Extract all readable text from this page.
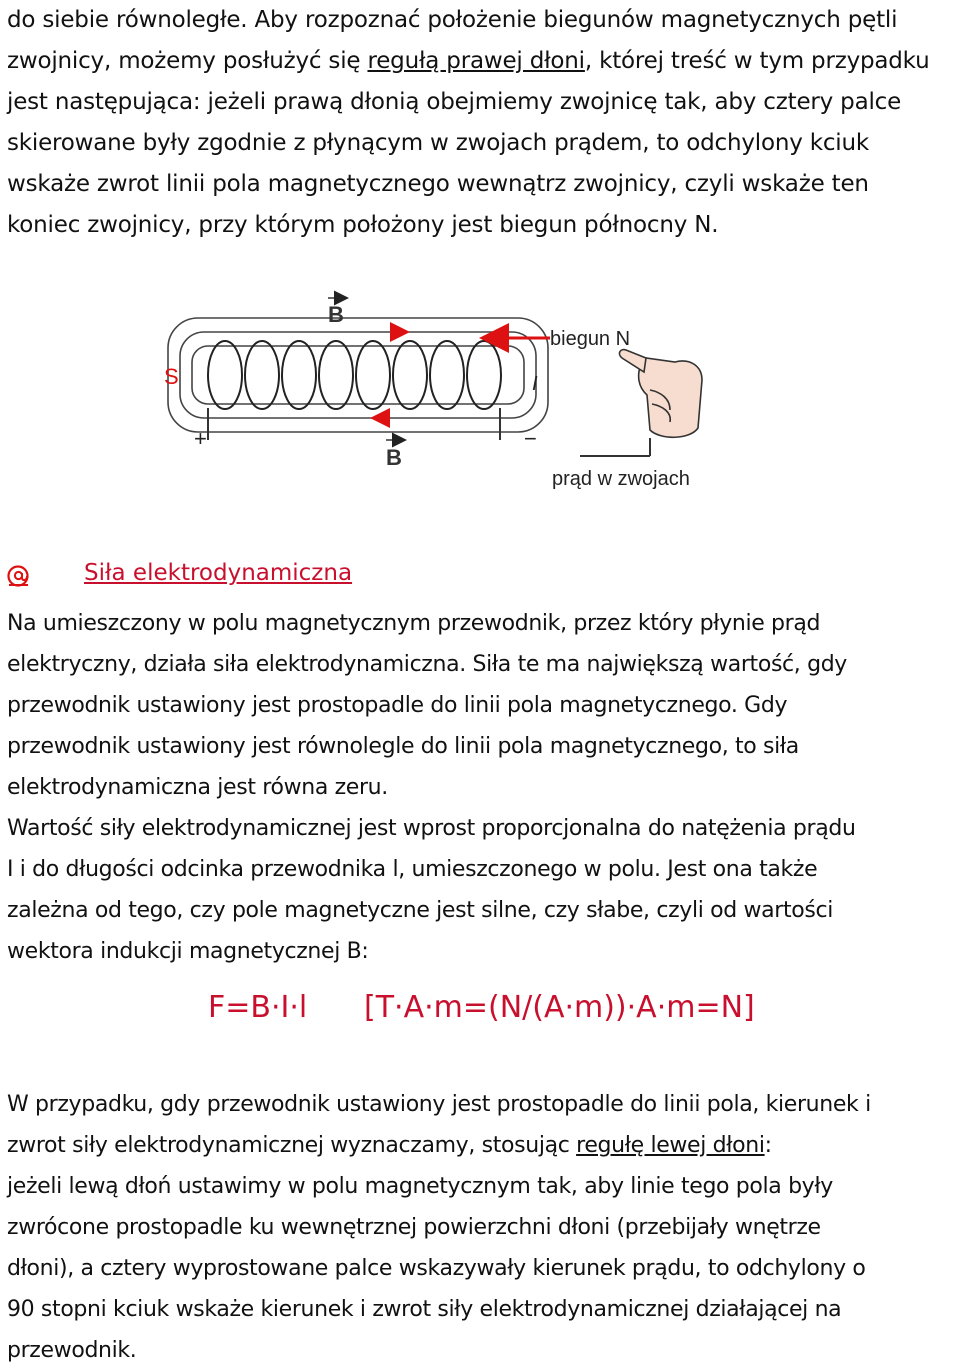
do siebie równoległe. Aby rozpoznać położenie biegunów magnetycznych pętli
zwojnicy, możemy posłużyć się regułą prawej dłoni, której treść w tym przypadku
jest następująca: jeżeli prawą dłonią obejmiemy zwojnicę tak, aby cztery palce
skierowane były zgodnie z płynącym w zwojach prądem, to odchylony kciuk
wskaże zwrot linii pola magnetycznego wewnątrz zwojnicy, czyli wskaże ten
koniec zwojnicy, przy którym położony jest biegun północny N.
B
B
S
+	−
I
biegun N
prąd w zwojach
Siła elektrodynamiczna
Na umieszczony w polu magnetycznym przewodnik, przez który płynie prąd
elektryczny, działa siła elektrodynamiczna. Siła te ma największą wartość, gdy
przewodnik ustawiony jest prostopadle do linii pola magnetycznego. Gdy
przewodnik ustawiony jest równolegle do linii pola magnetycznego, to siła
elektrodynamiczna jest równa zeru.
Wartość siły elektrodynamicznej jest wprost proporcjonalna do natężenia prądu
I i do długości odcinka przewodnika l, umieszczonego w polu. Jest ona także
zależna od tego, czy pole magnetyczne jest silne, czy słabe, czyli od wartości
wektora indukcji magnetycznej B:
F=B·I·l [T·A·m=(N/(A·m))·A·m=N]
W przypadku, gdy przewodnik ustawiony jest prostopadle do linii pola, kierunek i
zwrot siły elektrodynamicznej wyznaczamy, stosując regułę lewej dłoni:
jeżeli lewą dłoń ustawimy w polu magnetycznym tak, aby linie tego pola były
zwrócone prostopadle ku wewnętrznej powierzchni dłoni (przebijały wnętrze
dłoni), a cztery wyprostowane palce wskazywały kierunek prądu, to odchylony o
90 stopni kciuk wskaże kierunek i zwrot siły elektrodynamicznej działającej na
przewodnik.
